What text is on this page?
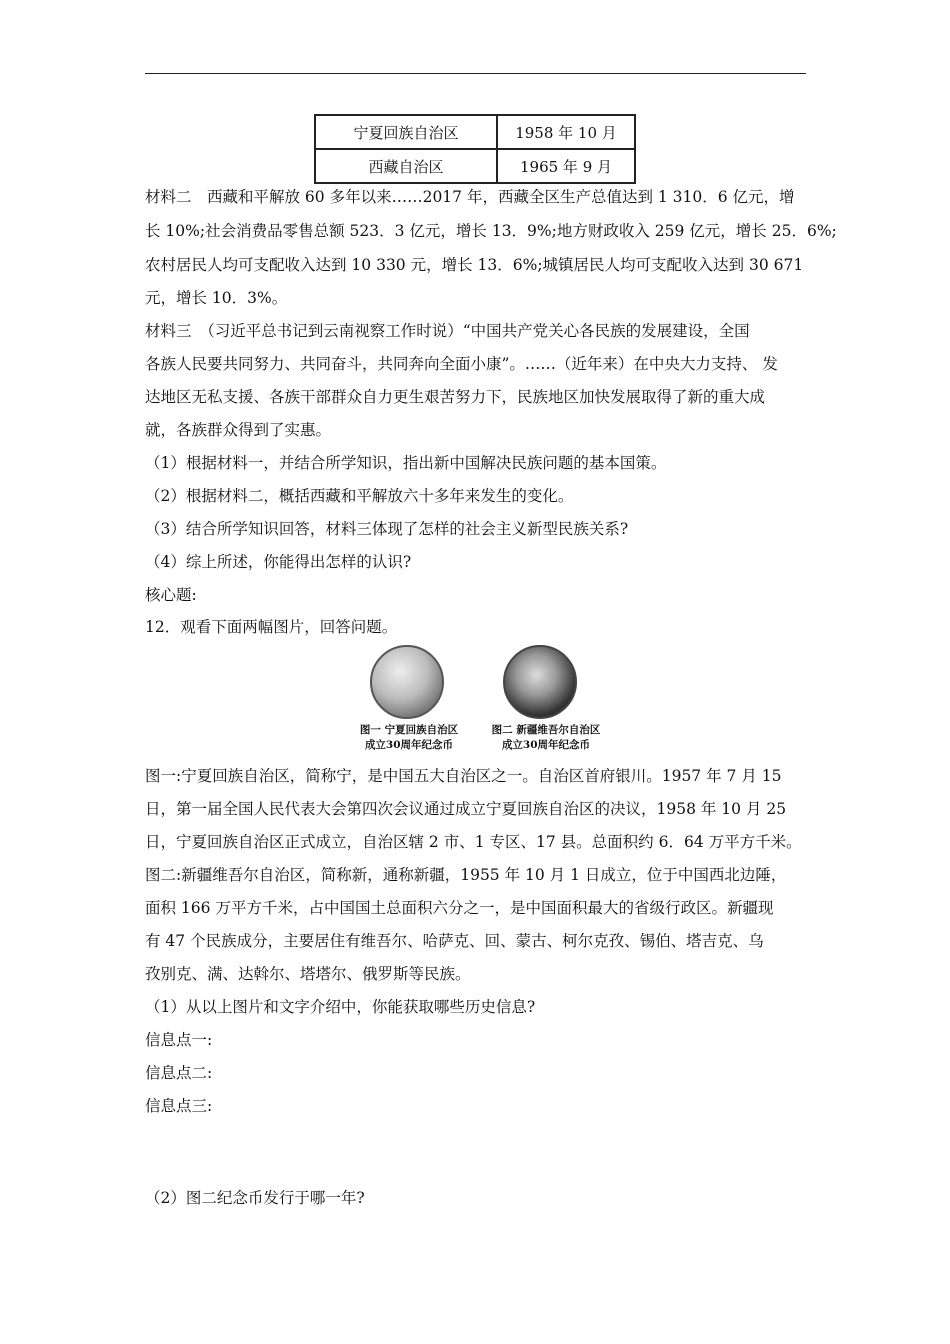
宁夏回族自治区	1958 年 10 月
西藏自治区	1965 年 9 月
材料二　西藏和平解放 60 多年以来……2017 年，西藏全区生产总值达到 1 310．6 亿元，增
长 10%;社会消费品零售总额 523．3 亿元，增长 13．9%;地方财政收入 259 亿元，增长 25．6%;
农村居民人均可支配收入达到 10 330 元，增长 13．6%;城镇居民人均可支配收入达到 30 671
元，增长 10．3%。
材料三　（习近平总书记到云南视察工作时说）“中国共产党关心各民族的发展建设，全国
各族人民要共同努力、共同奋斗，共同奔向全面小康”。……（近年来）在中央大力支持、 发
达地区无私支援、各族干部群众自力更生艰苦努力下，民族地区加快发展取得了新的重大成
就，各族群众得到了实惠。
（1）根据材料一，并结合所学知识，指出新中国解决民族问题的基本国策。
（2）根据材料二，概括西藏和平解放六十多年来发生的变化。
（3）结合所学知识回答，材料三体现了怎样的社会主义新型民族关系?
（4）综上所述，你能得出怎样的认识?
核心题:
12．观看下面两幅图片，回答问题。
图一 宁夏回族自治区
成立30周年纪念币
图二 新疆维吾尔自治区
成立30周年纪念币
图一:宁夏回族自治区，简称宁，是中国五大自治区之一。自治区首府银川。1957 年 7 月 15
日，第一届全国人民代表大会第四次会议通过成立宁夏回族自治区的决议，1958 年 10 月 25
日，宁夏回族自治区正式成立，自治区辖 2 市、1 专区、17 县。总面积约 6．64 万平方千米。
图二:新疆维吾尔自治区，简称新，通称新疆，1955 年 10 月 1 日成立，位于中国西北边陲，
面积 166 万平方千米，占中国国土总面积六分之一，是中国面积最大的省级行政区。新疆现
有 47 个民族成分，主要居住有维吾尔、哈萨克、回、蒙古、柯尔克孜、锡伯、塔吉克、乌
孜别克、满、达斡尔、塔塔尔、俄罗斯等民族。
（1）从以上图片和文字介绍中，你能获取哪些历史信息?
信息点一:
信息点二:
信息点三:
（2）图二纪念币发行于哪一年?
